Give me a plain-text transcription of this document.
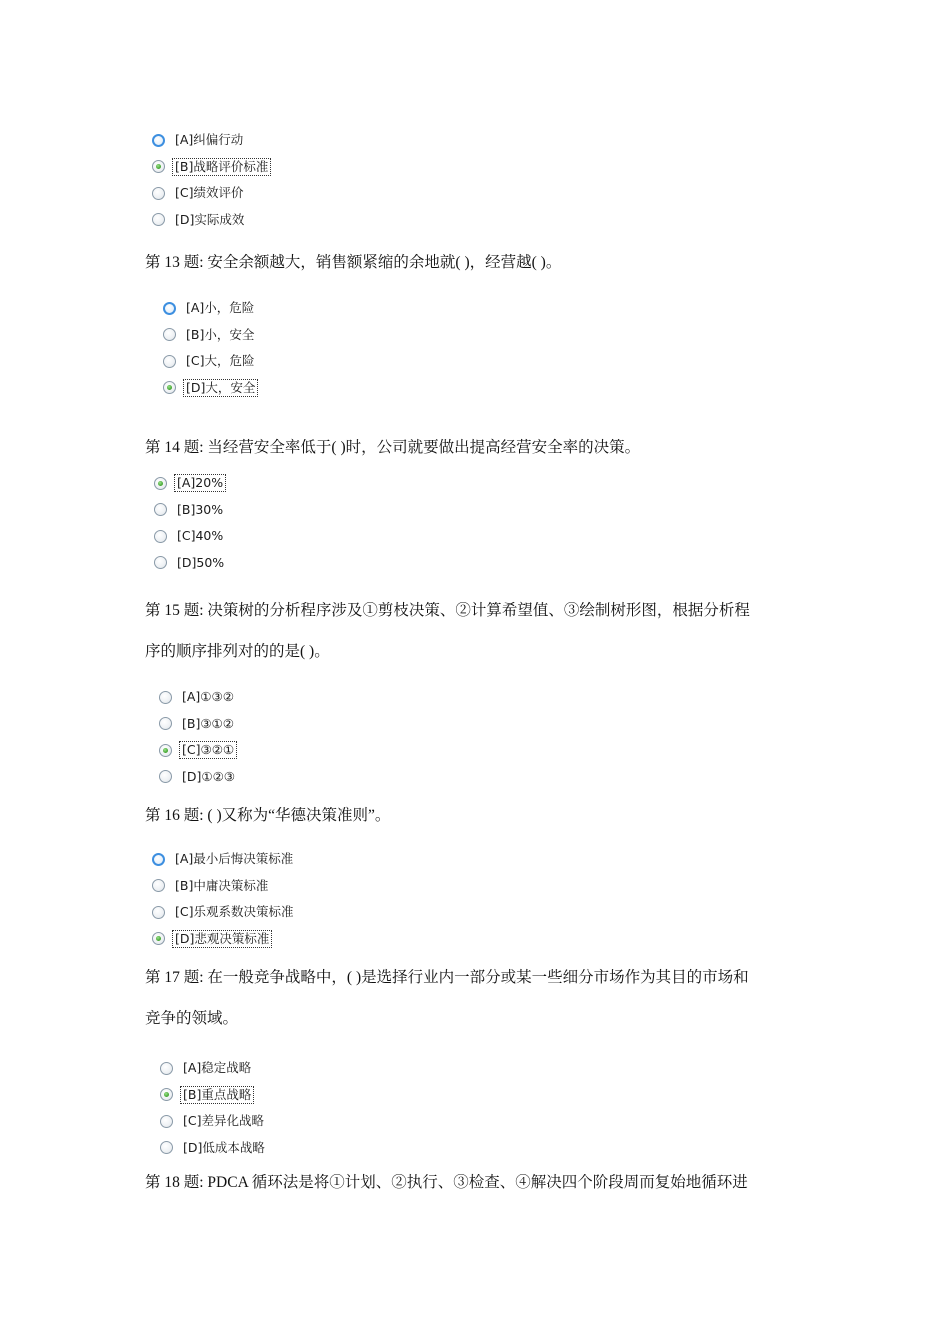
[A]纠偏行动
[B]战略评价标准
[C]绩效评价
[D]实际成效
第 13 题: 安全余额越大，销售额紧缩的余地就( )，经营越( )。
[A]小，危险
[B]小，安全
[C]大，危险
[D]大，安全
第 14 题: 当经营安全率低于( )时，公司就要做出提高经营安全率的决策。
[A]20%
[B]30%
[C]40%
[D]50%
第 15 题: 决策树的分析程序涉及①剪枝决策、②计算希望值、③绘制树形图，根据分析程
序的顺序排列对的的是( )。
[A]①③②
[B]③①②
[C]③②①
[D]①②③
第 16 题: ( )又称为“华德决策准则”。
[A]最小后悔决策标准
[B]中庸决策标准
[C]乐观系数决策标准
[D]悲观决策标准
第 17 题: 在一般竞争战略中，( )是选择行业内一部分或某一些细分市场作为其目的市场和
竞争的领域。
[A]稳定战略
[B]重点战略
[C]差异化战略
[D]低成本战略
第 18 题: PDCA 循环法是将①计划、②执行、③检查、④解决四个阶段周而复始地循环进
